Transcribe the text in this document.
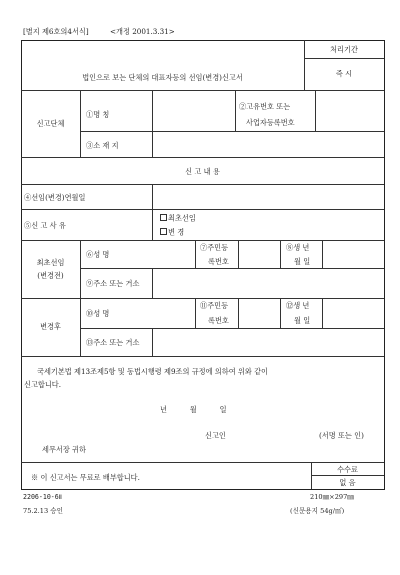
[별지 제6호의4서식]	<개정 2001.3.31>
법인으로 보는 단체의 대표자등의 선임(변경)신고서
처리기간
즉 시
신고단체
①명 칭
②고유번호 또는
사업자등록번호
③소 재 지
신 고 내 용
④선임(변경)연월일
⑤신 고 사 유
최초선임
변 경
최초선임
(변경전)
⑥성 명
⑦주민등
록번호
⑧생 년
월 일
⑨주소 또는 거소
변경후
⑩성 명
⑪주민등
록번호
⑫생 년
월 일
⑬주소 또는 거소
국세기본법 제13조제5항 및 동법시행령 제9조의 규정에 의하여 위와 같이
신고합니다.
년          월          일
신고인	(서명 또는 인)
세무서장 귀하
※ 이 신고서는 무료로 배부합니다.
수수료
없 음
2206-10-6Ⅱ
75.2.13 승인
210㎜×297㎜
(신문용지 54g/㎡)
